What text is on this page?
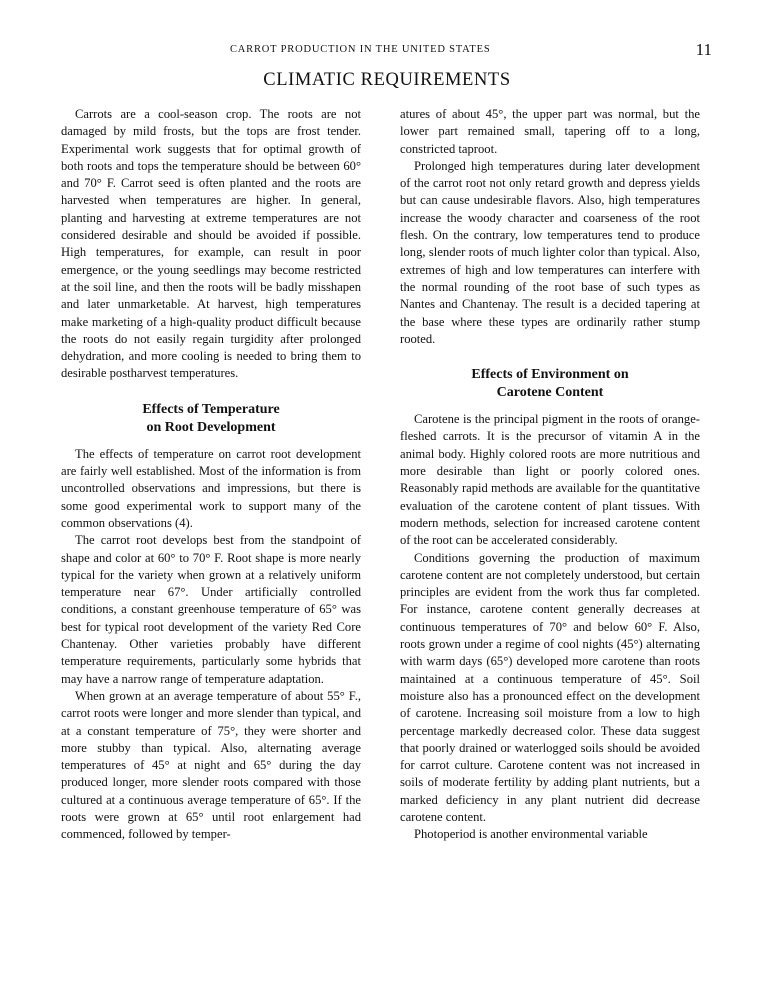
CARROT PRODUCTION IN THE UNITED STATES	11
CLIMATIC REQUIREMENTS

Carrots are a cool-season crop. The roots are not damaged by mild frosts, but the tops are frost tender. Experimental work suggests that for optimal growth of both roots and tops the temperature should be between 60° and 70° F. Carrot seed is often planted and the roots are harvested when temperatures are higher. In general, planting and harvesting at extreme temperatures are not considered desirable and should be avoided if possible. High temperatures, for example, can result in poor emergence, or the young seedlings may become restricted at the soil line, and then the roots will be badly misshapen and later unmarketable. At harvest, high temperatures make marketing of a high-quality product difficult because the roots do not easily regain turgidity after prolonged dehydration, and more cooling is needed to bring them to desirable postharvest temperatures.

Effects of Temperature
on Root Development

The effects of temperature on carrot root development are fairly well established. Most of the information is from uncontrolled observations and impressions, but there is some good experimental work to support many of the common observations (4).

The carrot root develops best from the standpoint of shape and color at 60° to 70° F. Root shape is more nearly typical for the variety when grown at a relatively uniform temperature near 67°. Under artificially controlled conditions, a constant greenhouse temperature of 65° was best for typical root development of the variety Red Core Chantenay. Other varieties probably have different temperature requirements, particularly some hybrids that may have a narrow range of temperature adaptation.

When grown at an average temperature of about 55° F., carrot roots were longer and more slender than typical, and at a constant temperature of 75°, they were shorter and more stubby than typical. Also, alternating average temperatures of 45° at night and 65° during the day produced longer, more slender roots compared with those cultured at a continuous average temperature of 65°. If the roots were grown at 65° until root enlargement had commenced, followed by temper-

atures of about 45°, the upper part was normal, but the lower part remained small, tapering off to a long, constricted taproot.

Prolonged high temperatures during later development of the carrot root not only retard growth and depress yields but can cause undesirable flavors. Also, high temperatures increase the woody character and coarseness of the root flesh. On the contrary, low temperatures tend to produce long, slender roots of much lighter color than typical. Also, extremes of high and low temperatures can interfere with the normal rounding of the root base of such types as Nantes and Chantenay. The result is a decided tapering at the base where these types are ordinarily rather stump rooted.

Effects of Environment on
Carotene Content

Carotene is the principal pigment in the roots of orange-fleshed carrots. It is the precursor of vitamin A in the animal body. Highly colored roots are more nutritious and more desirable than light or poorly colored ones. Reasonably rapid methods are available for the quantitative evaluation of the carotene content of plant tissues. With modern methods, selection for increased carotene content of the root can be accelerated considerably.

Conditions governing the production of maximum carotene content are not completely understood, but certain principles are evident from the work thus far completed. For instance, carotene content generally decreases at continuous temperatures of 70° and below 60° F. Also, roots grown under a regime of cool nights (45°) alternating with warm days (65°) developed more carotene than roots maintained at a continuous temperature of 45°. Soil moisture also has a pronounced effect on the development of carotene. Increasing soil moisture from a low to high percentage markedly decreased color. These data suggest that poorly drained or waterlogged soils should be avoided for carrot culture. Carotene content was not increased in soils of moderate fertility by adding plant nutrients, but a marked deficiency in any plant nutrient did decrease carotene content.

Photoperiod is another environmental variable
